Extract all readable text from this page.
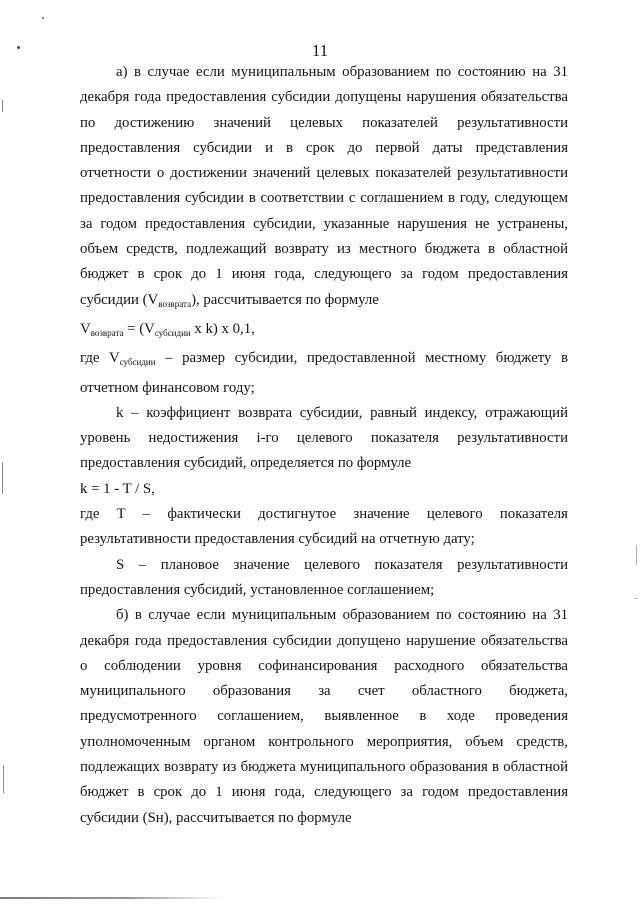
11

а) в случае если муниципальным образованием по состоянию на 31 декабря года предоставления субсидии допущены нарушения обязательства по достижению значений целевых показателей результативности предоставления субсидии и в срок до первой даты представления отчетности о достижении значений целевых показателей результативности предоставления субсидии в соответствии с соглашением в году, следующем за годом предоставления субсидии, указанные нарушения не устранены, объем средств, подлежащий возврату из местного бюджета в областной бюджет в срок до 1 июня года, следующего за годом предоставления субсидии $(V_{возврата})$, рассчитывается по формуле

$V_{возврата} = (V_{субсидии}$ x k) x 0,1,

где $V_{субсидии}$ – размер субсидии, предоставленной местному бюджету в отчетном финансовом году;

k – коэффициент возврата субсидии, равный индексу, отражающий уровень недостижения i-го целевого показателя результативности предоставления субсидий, определяется по формуле

k = 1 - T / S,

где T – фактически достигнутое значение целевого показателя результативности предоставления субсидий на отчетную дату;

S – плановое значение целевого показателя результативности предоставления субсидий, установленное соглашением;

б) в случае если муниципальным образованием по состоянию на 31 декабря года предоставления субсидии допущено нарушение обязательства о соблюдении уровня софинансирования расходного обязательства муниципального образования за счет областного бюджета, предусмотренного соглашением, выявленное в ходе проведения уполномоченным органом контрольного мероприятия, объем средств, подлежащих возврату из бюджета муниципального образования в областной бюджет в срок до 1 июня года, следующего за годом предоставления субсидии (Sн), рассчитывается по формуле
